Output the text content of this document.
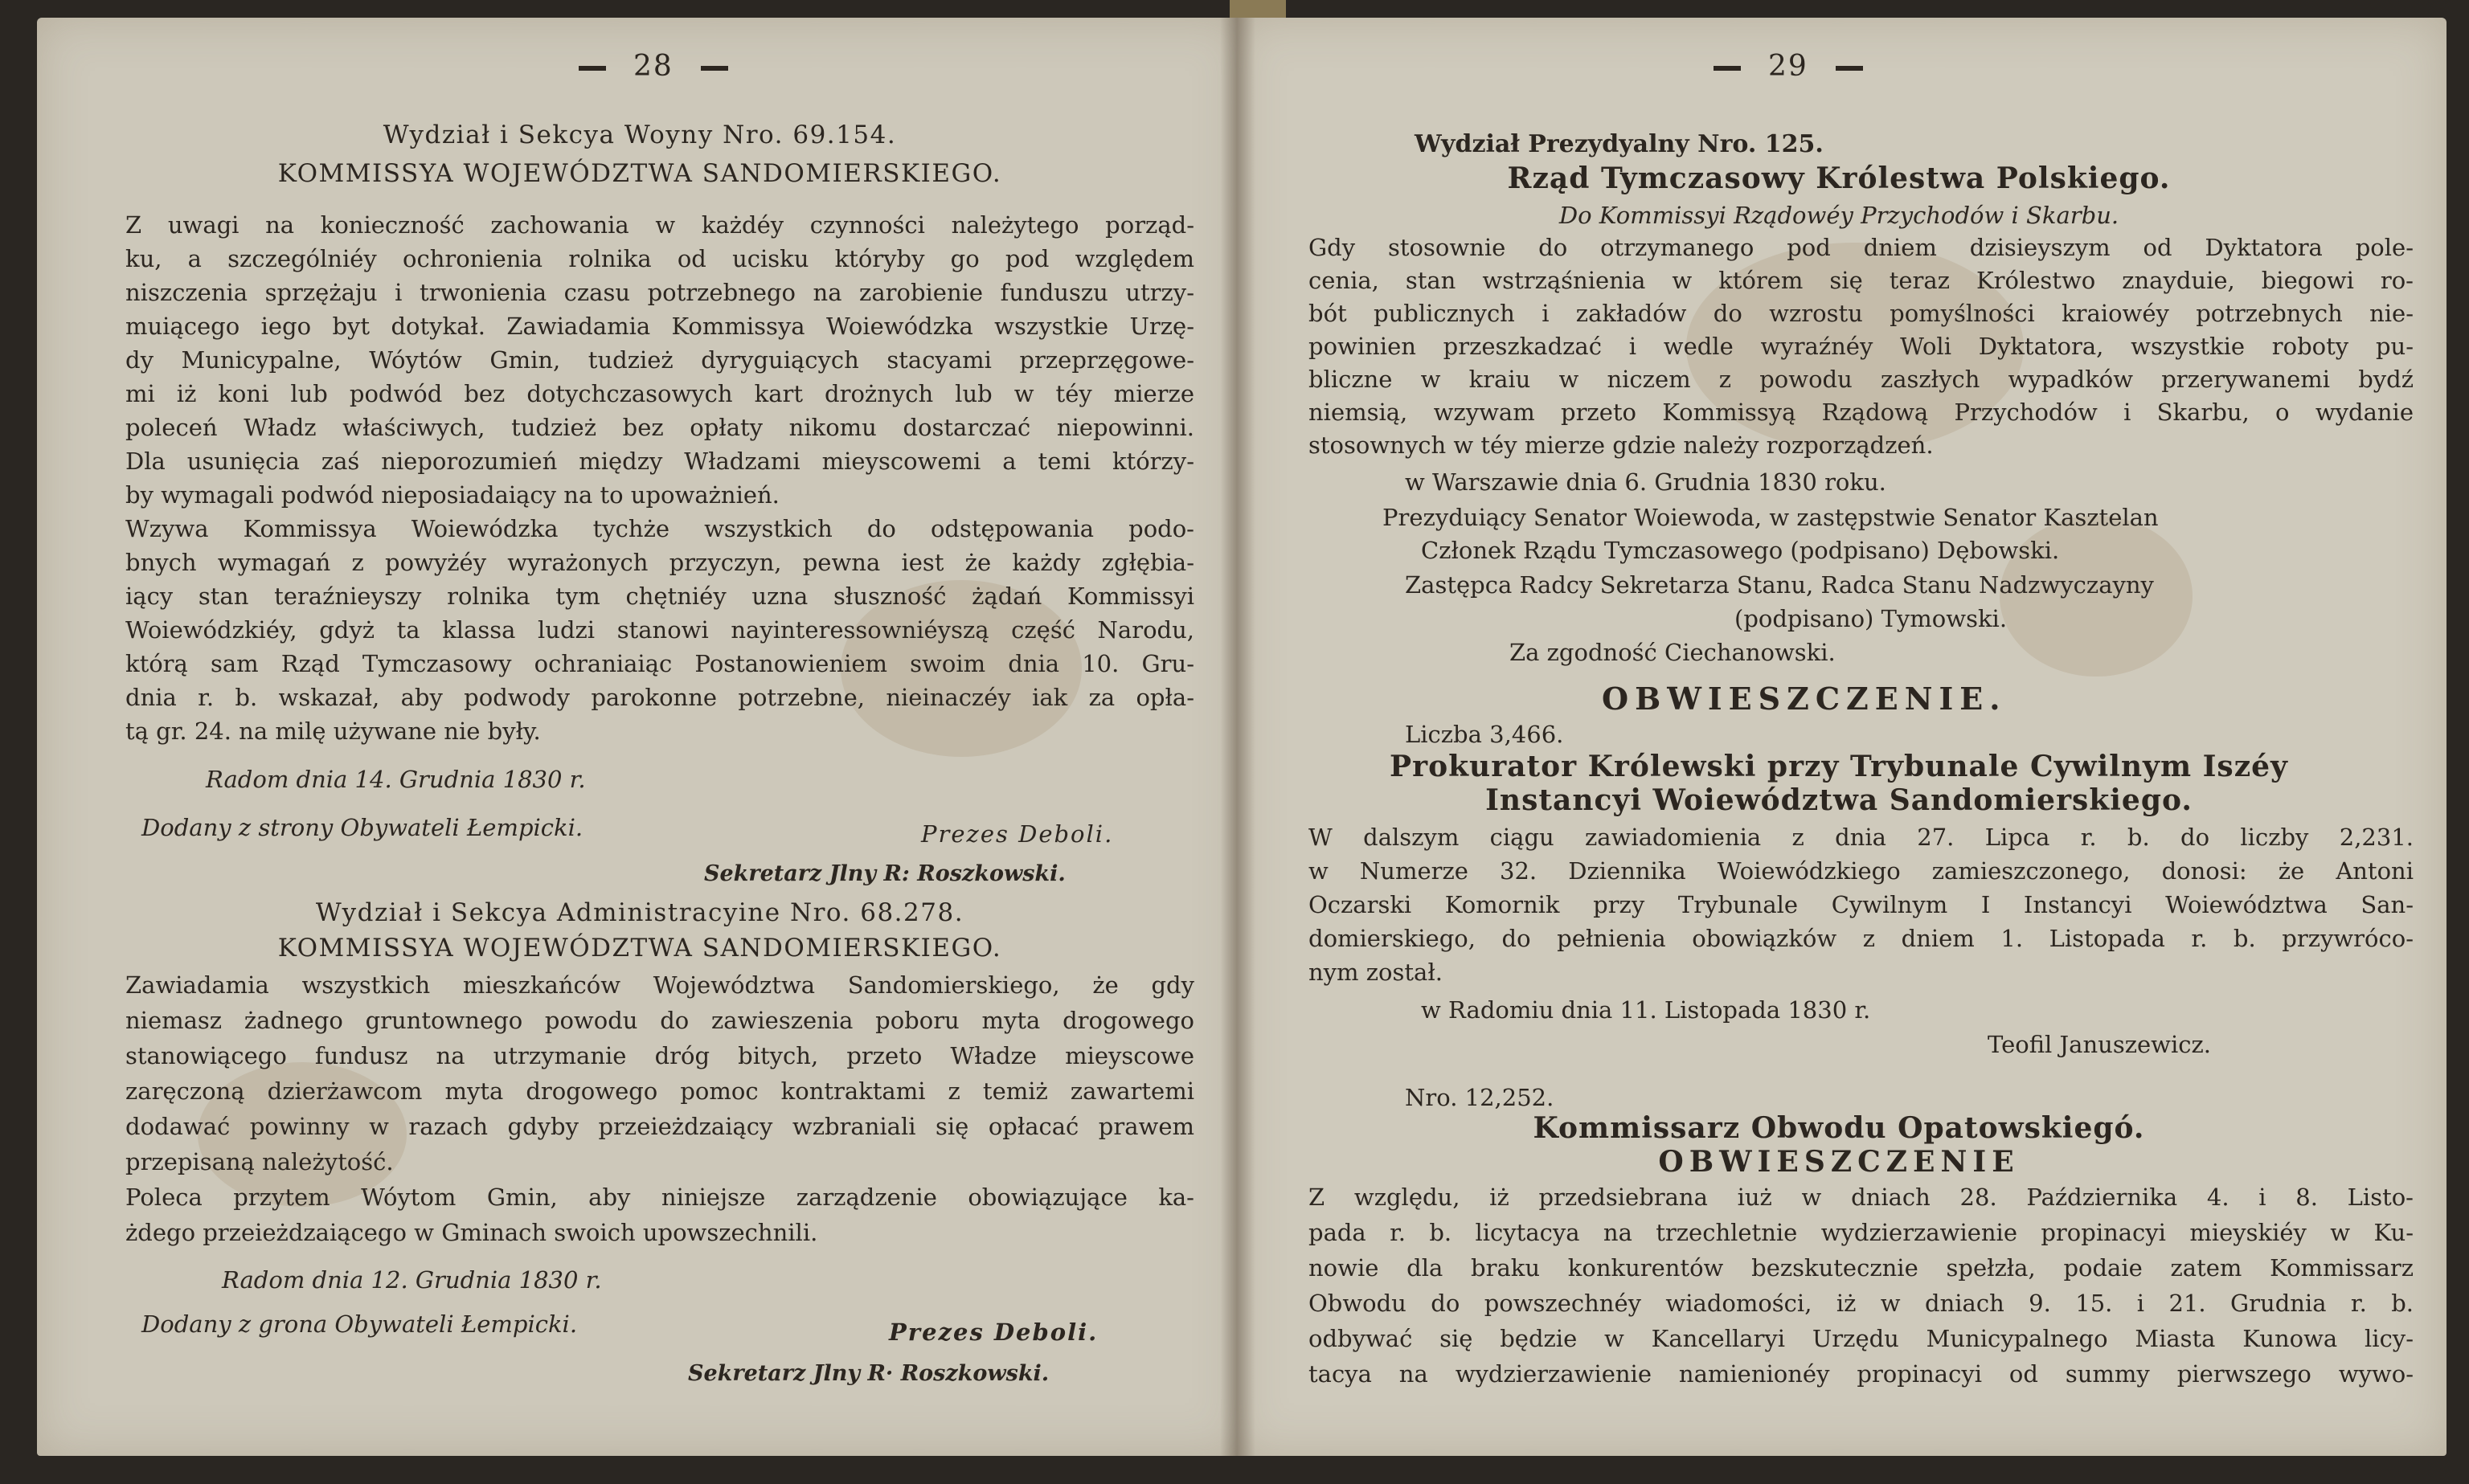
28
Wydział i Sekcya Woyny Nro. 69.154.
KOMMISSYA WOJEWÓDZTWA SANDOMIERSKIEGO.
Z uwagi na konieczność zachowania w każdéy czynności należytego porząd-
ku, a szczególniéy ochronienia rolnika od ucisku któryby go pod względem
niszczenia sprzężaju i trwonienia czasu potrzebnego na zarobienie funduszu utrzy-
muiącego iego byt dotykał. Zawiadamia Kommissya Woiewódzka wszystkie Urzę-
dy Municypalne, Wóytów Gmin, tudzież dyryguiących stacyami przeprzęgowe-
mi iż koni lub podwód bez dotychczasowych kart drożnych lub w téy mierze
poleceń Władz właściwych, tudzież bez opłaty nikomu dostarczać niepowinni.
Dla usunięcia zaś nieporozumień między Władzami mieyscowemi a temi którzy-
by wymagali podwód nieposiadaiący na to upoważnień.
Wzywa Kommissya Woiewódzka tychże wszystkich do odstępowania podo-
bnych wymagań z powyżéy wyrażonych przyczyn, pewna iest że każdy zgłębia-
iący stan teraźnieyszy rolnika tym chętniéy uzna słuszność żądań Kommissyi
Woiewódzkiéy, gdyż ta klassa ludzi stanowi nayinteressowniéyszą część Narodu,
którą sam Rząd Tymczasowy ochraniaiąc Postanowieniem swoim dnia 10. Gru-
dnia r. b. wskazał, aby podwody parokonne potrzebne, nieinaczéy iak za opła-
tą gr. 24. na milę używane nie były.
Radom dnia 14. Grudnia 1830 r.
Dodany z strony Obywateli Łempicki.	Prezes Deboli.
Sekretarz Jlny R: Roszkowski.
Wydział i Sekcya Administracyine Nro. 68.278.
KOMMISSYA WOJEWÓDZTWA SANDOMIERSKIEGO.
Zawiadamia wszystkich mieszkańców Województwa Sandomierskiego, że gdy
niemasz żadnego gruntownego powodu do zawieszenia poboru myta drogowego
stanowiącego fundusz na utrzymanie dróg bitych, przeto Władze mieyscowe
zaręczoną dzierżawcom myta drogowego pomoc kontraktami z temiż zawartemi
dodawać powinny w razach gdyby przeieżdzaiący wzbraniali się opłacać prawem
przepisaną należytość.
Poleca przytem Wóytom Gmin, aby niniejsze zarządzenie obowiązujące ka-
żdego przeieżdzaiącego w Gminach swoich upowszechnili.
Radom dnia 12. Grudnia 1830 r.
Dodany z grona Obywateli Łempicki.	Prezes Deboli.
Sekretarz Jlny R· Roszkowski.
29
Wydział Prezydyalny Nro. 125.
Rząd Tymczasowy Królestwa Polskiego.
Do Kommissyi Rządowéy Przychodów i Skarbu.
Gdy stosownie do otrzymanego pod dniem dzisieyszym od Dyktatora pole-
cenia, stan wstrząśnienia w którem się teraz Królestwo znayduie, biegowi ro-
bót publicznych i zakładów do wzrostu pomyślności kraiowéy potrzebnych nie-
powinien przeszkadzać i wedle wyraźnéy Woli Dyktatora, wszystkie roboty pu-
bliczne w kraiu w niczem z powodu zaszłych wypadków przerywanemi bydź
niemsią, wzywam przeto Kommissyą Rządową Przychodów i Skarbu, o wydanie
stosownych w téy mierze gdzie należy rozporządzeń.
w Warszawie dnia 6. Grudnia 1830 roku.
Prezyduiący Senator Woiewoda, w zastępstwie Senator Kasztelan
Członek Rządu Tymczasowego (podpisano) Dębowski.
Zastępca Radcy Sekretarza Stanu, Radca Stanu Nadzwyczayny
(podpisano) Tymowski.
Za zgodność Ciechanowski.
OBWIESZCZENIE.
Liczba 3,466.
Prokurator Królewski przy Trybunale Cywilnym Iszéy
Instancyi Woiewództwa Sandomierskiego.
W dalszym ciągu zawiadomienia z dnia 27. Lipca r. b. do liczby 2,231.
w Numerze 32. Dziennika Woiewódzkiego zamieszczonego, donosi: że Antoni
Oczarski Komornik przy Trybunale Cywilnym I Instancyi Woiewództwa San-
domierskiego, do pełnienia obowiązków z dniem 1. Listopada r. b. przywróco-
nym został.
w Radomiu dnia 11. Listopada 1830 r.
Teofil Januszewicz.
Nro. 12,252.
Kommissarz Obwodu Opatowskiegó.
OBWIESZCZENIE
Z względu, iż przedsiebrana iuż w dniach 28. Października 4. i 8. Listo-
pada r. b. licytacya na trzechletnie wydzierzawienie propinacyi mieyskiéy w Ku-
nowie dla braku konkurentów bezskutecznie spełzła, podaie zatem Kommissarz
Obwodu do powszechnéy wiadomości, iż w dniach 9. 15. i 21. Grudnia r. b.
odbywać się będzie w Kancellaryi Urzędu Municypalnego Miasta Kunowa licy-
tacya na wydzierzawienie namienionéy propinacyi od summy pierwszego wywo-
